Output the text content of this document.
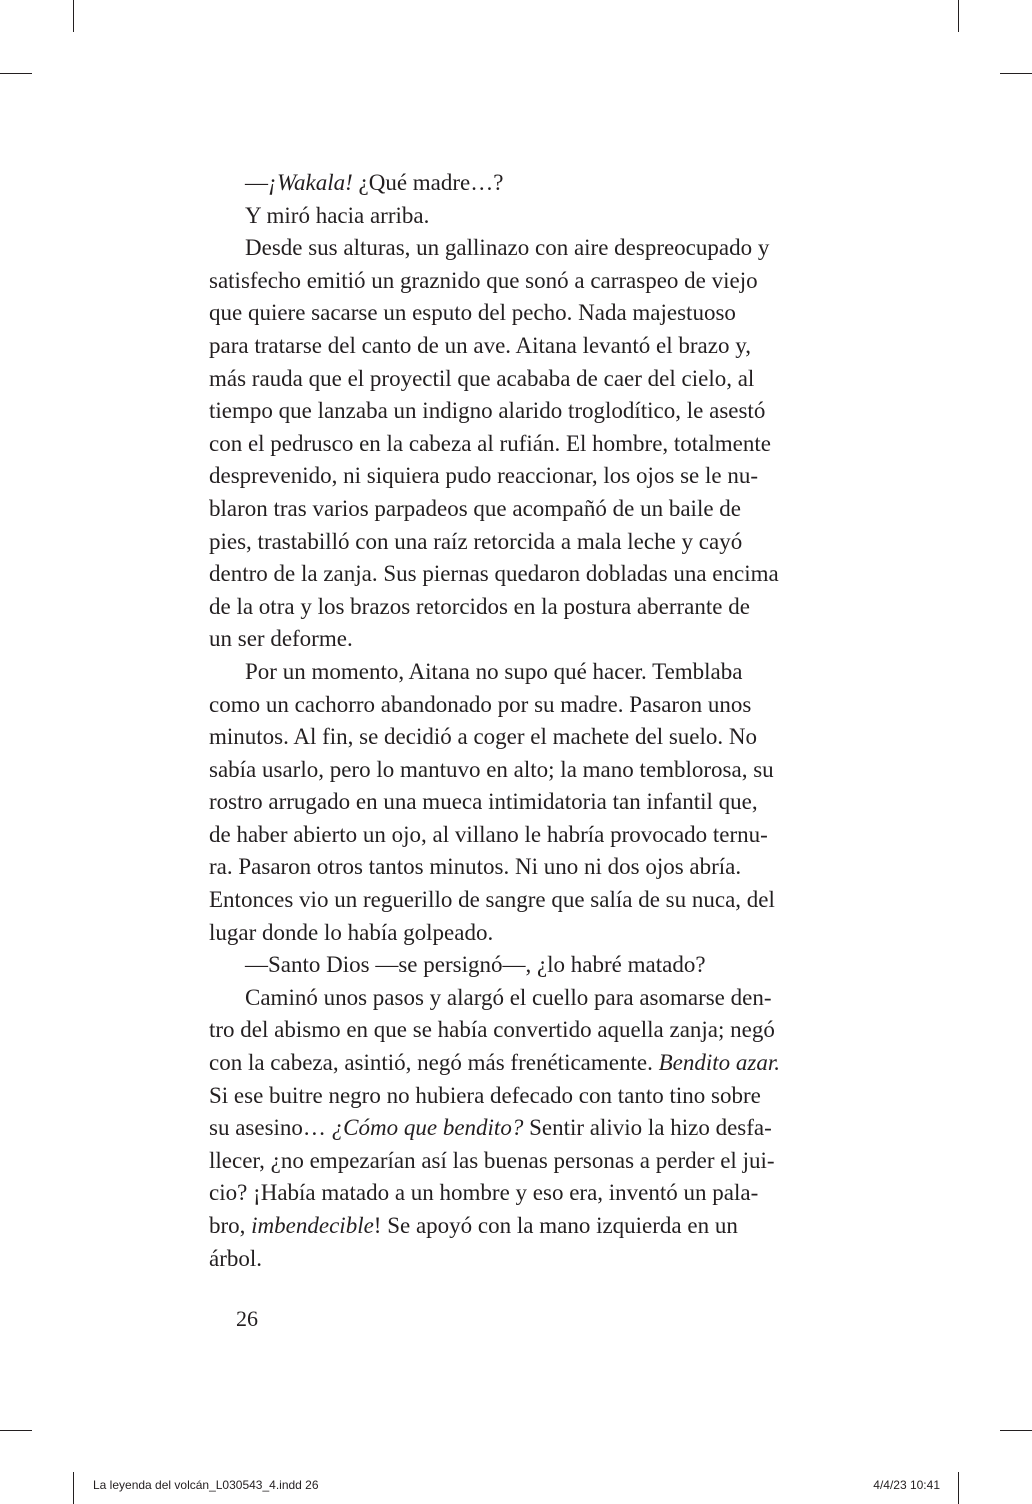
—¡Wakala! ¿Qué madre…?

Y miró hacia arriba.

Desde sus alturas, un gallinazo con aire despreocupado y
satisfecho emitió un graznido que sonó a carraspeo de viejo
que quiere sacarse un esputo del pecho. Nada majestuoso
para tratarse del canto de un ave. Aitana levantó el brazo y,
más rauda que el proyectil que acababa de caer del cielo, al
tiempo que lanzaba un indigno alarido troglodítico, le asestó
con el pedrusco en la cabeza al rufián. El hombre, totalmente
desprevenido, ni siquiera pudo reaccionar, los ojos se le nu-
blaron tras varios parpadeos que acompañó de un baile de
pies, trastabilló con una raíz retorcida a mala leche y cayó
dentro de la zanja. Sus piernas quedaron dobladas una encima
de la otra y los brazos retorcidos en la postura aberrante de
un ser deforme.

Por un momento, Aitana no supo qué hacer. Temblaba
como un cachorro abandonado por su madre. Pasaron unos
minutos. Al fin, se decidió a coger el machete del suelo. No
sabía usarlo, pero lo mantuvo en alto; la mano temblorosa, su
rostro arrugado en una mueca intimidatoria tan infantil que,
de haber abierto un ojo, al villano le habría provocado ternu-
ra. Pasaron otros tantos minutos. Ni uno ni dos ojos abría.
Entonces vio un reguerillo de sangre que salía de su nuca, del
lugar donde lo había golpeado.

—Santo Dios —se persignó—, ¿lo habré matado?

Caminó unos pasos y alargó el cuello para asomarse den-
tro del abismo en que se había convertido aquella zanja; negó
con la cabeza, asintió, negó más frenéticamente. Bendito azar.
Si ese buitre negro no hubiera defecado con tanto tino sobre
su asesino… ¿Cómo que bendito? Sentir alivio la hizo desfa-
llecer, ¿no empezarían así las buenas personas a perder el jui-
cio? ¡Había matado a un hombre y eso era, inventó un pala-
bro, imbendecible! Se apoyó con la mano izquierda en un
árbol.

26
La leyenda del volcán_L030543_4.indd 26	4/4/23 10:41
